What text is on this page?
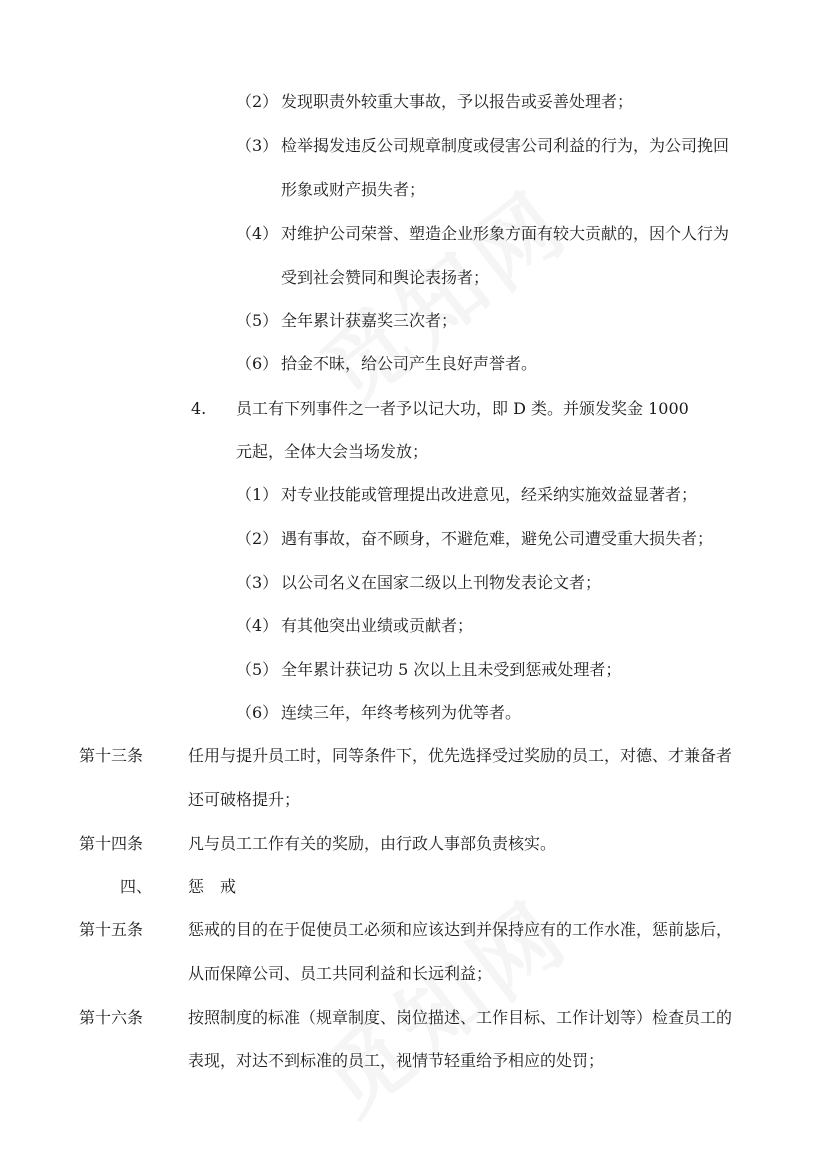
（2） 发现职责外较重大事故，予以报告或妥善处理者；
（3） 检举揭发违反公司规章制度或侵害公司利益的行为，为公司挽回
形象或财产损失者；
（4） 对维护公司荣誉、塑造企业形象方面有较大贡献的，因个人行为
受到社会赞同和舆论表扬者；
（5） 全年累计获嘉奖三次者；
（6） 拾金不昧，给公司产生良好声誉者。
4. 员工有下列事件之一者予以记大功，即 D 类。并颁发奖金 1000
元起，全体大会当场发放；
（1） 对专业技能或管理提出改进意见，经采纳实施效益显著者；
（2） 遇有事故，奋不顾身，不避危难，避免公司遭受重大损失者；
（3） 以公司名义在国家二级以上刊物发表论文者；
（4） 有其他突出业绩或贡献者；
（5） 全年累计获记功 5 次以上且未受到惩戒处理者；
（6） 连续三年，年终考核列为优等者。
第十三条	任用与提升员工时，同等条件下，优先选择受过奖励的员工，对德、才兼备者
还可破格提升；
第十四条	凡与员工工作有关的奖励，由行政人事部负责核实。
四、 惩　戒
第十五条	惩戒的目的在于促使员工必须和应该达到并保持应有的工作水准，惩前毖后，
从而保障公司、员工共同利益和长远利益；
第十六条	按照制度的标准（规章制度、岗位描述、工作目标、工作计划等）检查员工的
表现，对达不到标准的员工，视情节轻重给予相应的处罚；
